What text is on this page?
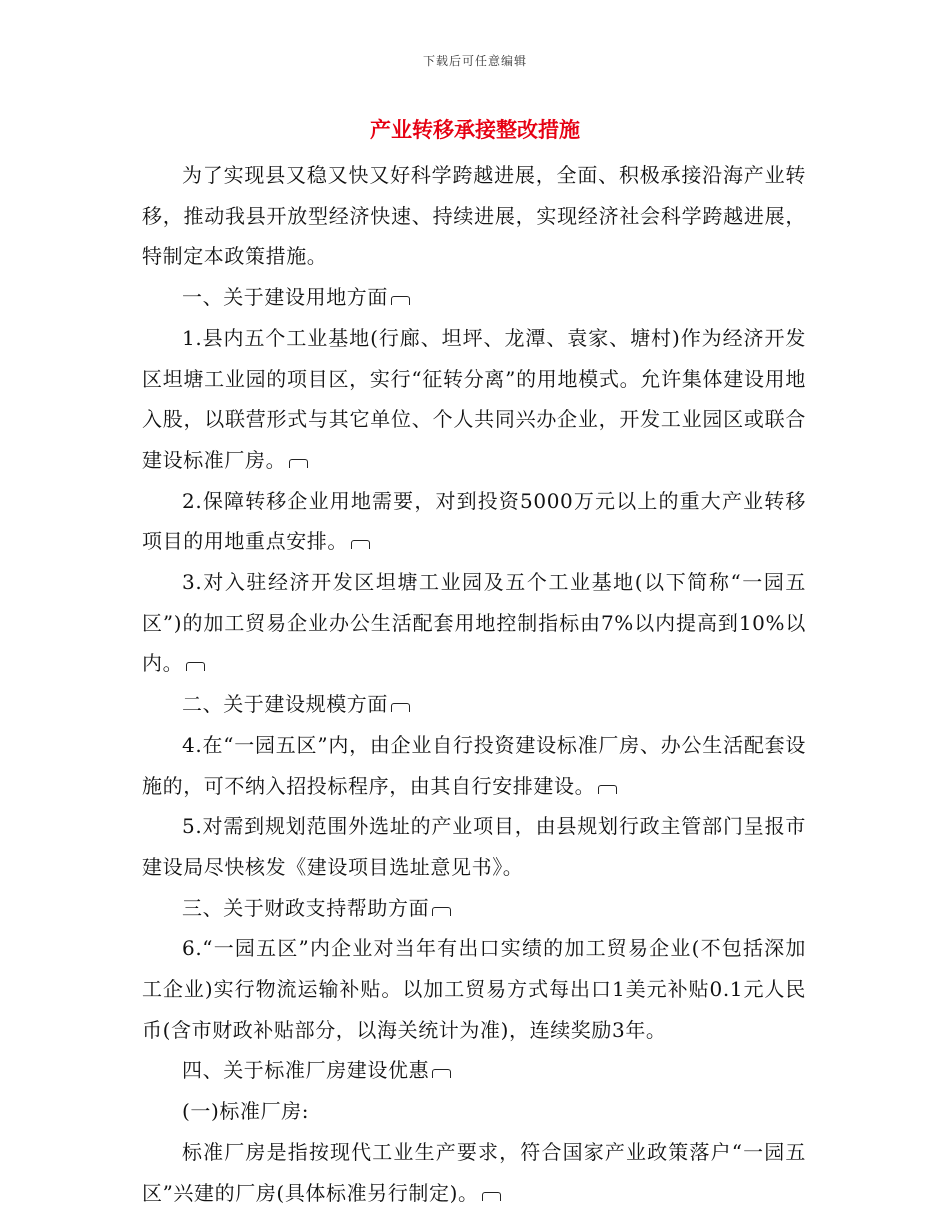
下载后可任意编辑
产业转移承接整改措施

为了实现县又稳又快又好科学跨越进展，全面、积极承接沿海产业转移，推动我县开放型经济快速、持续进展，实现经济社会科学跨越进展，特制定本政策措施。

一、关于建设用地方面

1.县内五个工业基地(行廊、坦坪、龙潭、袁家、塘村)作为经济开发区坦塘工业园的项目区，实行“征转分离”的用地模式。允许集体建设用地入股，以联营形式与其它单位、个人共同兴办企业，开发工业园区或联合建设标准厂房。

2.保障转移企业用地需要，对到投资5000万元以上的重大产业转移项目的用地重点安排。

3.对入驻经济开发区坦塘工业园及五个工业基地(以下简称“一园五区”)的加工贸易企业办公生活配套用地控制指标由7%以内提高到10%以内。

二、关于建设规模方面

4.在“一园五区”内，由企业自行投资建设标准厂房、办公生活配套设施的，可不纳入招投标程序，由其自行安排建设。

5.对需到规划范围外选址的产业项目，由县规划行政主管部门呈报市建设局尽快核发《建设项目选址意见书》。

三、关于财政支持帮助方面

6.“一园五区”内企业对当年有出口实绩的加工贸易企业(不包括深加工企业)实行物流运输补贴。以加工贸易方式每出口1美元补贴0.1元人民币(含市财政补贴部分，以海关统计为准)，连续奖励3年。

四、关于标准厂房建设优惠

(一)标准厂房:

标准厂房是指按现代工业生产要求，符合国家产业政策落户“一园五区”兴建的厂房(具体标准另行制定)。
